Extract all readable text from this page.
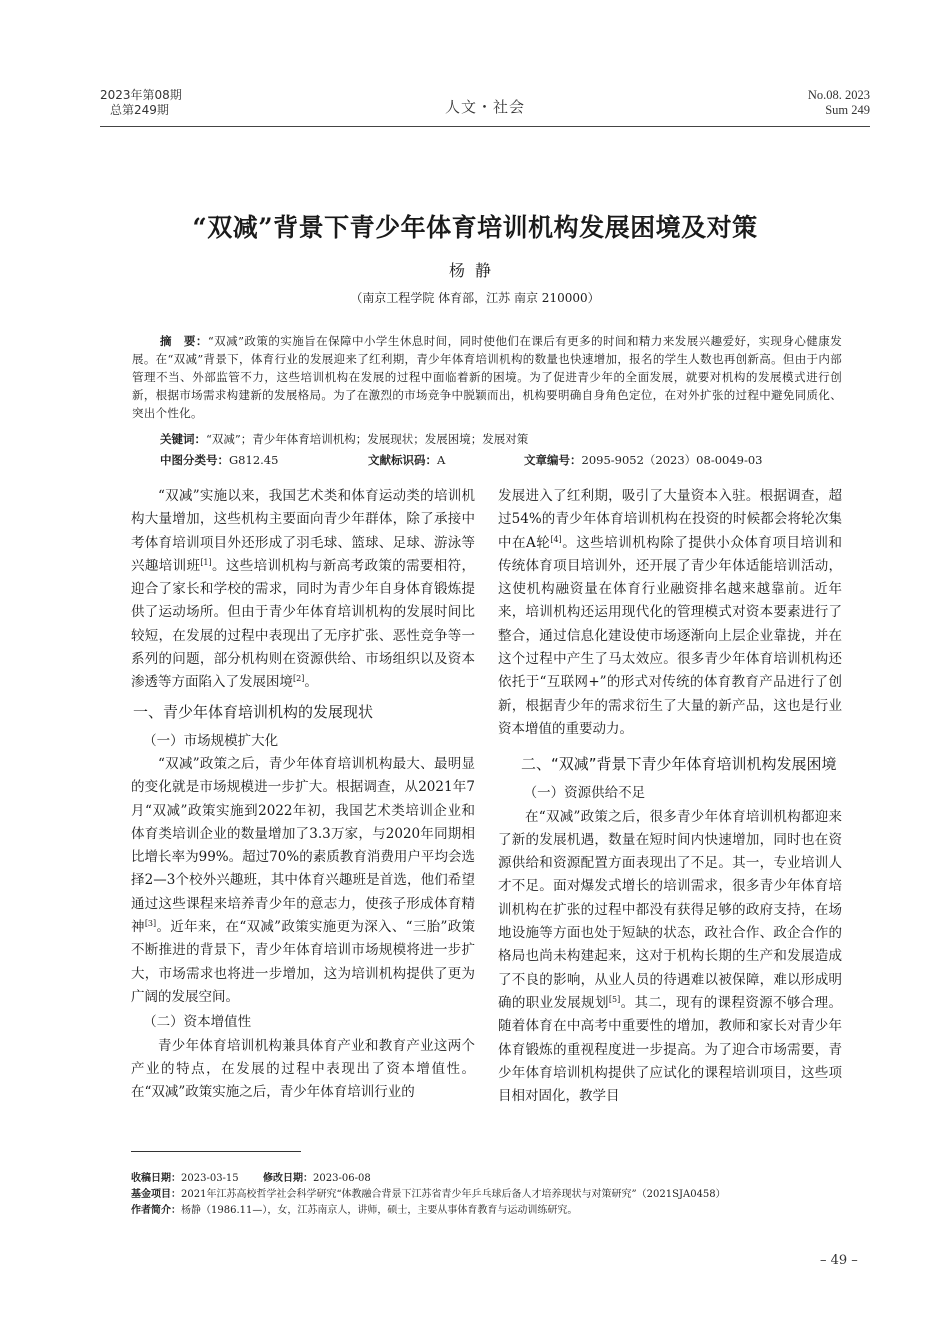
2023年第08期
总第249期	人文・社会
No.08. 2023
Sum 249
“双减”背景下青少年体育培训机构发展困境及对策
杨静
（南京工程学院 体育部，江苏 南京 210000）
摘　要：“双减”政策的实施旨在保障中小学生休息时间，同时使他们在课后有更多的时间和精力来发展兴趣爱好，实现身心健康发展。在“双减”背景下，体育行业的发展迎来了红利期，青少年体育培训机构的数量也快速增加，报名的学生人数也再创新高。但由于内部管理不当、外部监管不力，这些培训机构在发展的过程中面临着新的困境。为了促进青少年的全面发展，就要对机构的发展模式进行创新，根据市场需求构建新的发展格局。为了在激烈的市场竞争中脱颖而出，机构要明确自身角色定位，在对外扩张的过程中避免同质化、突出个性化。
关键词：“双减”；青少年体育培训机构；发展现状；发展困境；发展对策
中图分类号：G812.45	文献标识码：A	文章编号：2095-9052（2023）08-0049-03

“双减”实施以来，我国艺术类和体育运动类的培训机构大量增加，这些机构主要面向青少年群体，除了承接中考体育培训项目外还形成了羽毛球、篮球、足球、游泳等兴趣培训班[1]。这些培训机构与新高考政策的需要相符，迎合了家长和学校的需求，同时为青少年自身体育锻炼提供了运动场所。但由于青少年体育培训机构的发展时间比较短，在发展的过程中表现出了无序扩张、恶性竞争等一系列的问题，部分机构则在资源供给、市场组织以及资本渗透等方面陷入了发展困境[2]。

一、青少年体育培训机构的发展现状
（一）市场规模扩大化

“双减”政策之后，青少年体育培训机构最大、最明显的变化就是市场规模进一步扩大。根据调查，从2021年7月“双减”政策实施到2022年初，我国艺术类培训企业和体育类培训企业的数量增加了3.3万家，与2020年同期相比增长率为99%。超过70%的素质教育消费用户平均会选择2—3个校外兴趣班，其中体育兴趣班是首选，他们希望通过这些课程来培养青少年的意志力，使孩子形成体育精神[3]。近年来，在“双减”政策实施更为深入、“三胎”政策不断推进的背景下，青少年体育培训市场规模将进一步扩大，市场需求也将进一步增加，这为培训机构提供了更为广阔的发展空间。

（二）资本增值性

青少年体育培训机构兼具体育产业和教育产业这两个产业的特点，在发展的过程中表现出了资本增值性。在“双减”政策实施之后，青少年体育培训行业的

发展进入了红利期，吸引了大量资本入驻。根据调查，超过54%的青少年体育培训机构在投资的时候都会将轮次集中在A轮[4]。这些培训机构除了提供小众体育项目培训和传统体育项目培训外，还开展了青少年体适能培训活动，这使机构融资量在体育行业融资排名越来越靠前。近年来，培训机构还运用现代化的管理模式对资本要素进行了整合，通过信息化建设使市场逐渐向上层企业靠拢，并在这个过程中产生了马太效应。很多青少年体育培训机构还依托于“互联网+”的形式对传统的体育教育产品进行了创新，根据青少年的需求衍生了大量的新产品，这也是行业资本增值的重要动力。

二、“双减”背景下青少年体育培训机构发展困境
（一）资源供给不足

在“双减”政策之后，很多青少年体育培训机构都迎来了新的发展机遇，数量在短时间内快速增加，同时也在资源供给和资源配置方面表现出了不足。其一，专业培训人才不足。面对爆发式增长的培训需求，很多青少年体育培训机构在扩张的过程中都没有获得足够的政府支持，在场地设施等方面也处于短缺的状态，政社合作、政企合作的格局也尚未构建起来，这对于机构长期的生产和发展造成了不良的影响，从业人员的待遇难以被保障，难以形成明确的职业发展规划[5]。其二，现有的课程资源不够合理。随着体育在中高考中重要性的增加，教师和家长对青少年体育锻炼的重视程度进一步提高。为了迎合市场需要，青少年体育培训机构提供了应试化的课程培训项目，这些项目相对固化，教学目

收稿日期：2023-03-15 修改日期：2023-06-08
基金项目：2021年江苏高校哲学社会科学研究“体教融合背景下江苏省青少年乒乓球后备人才培养现状与对策研究”（2021SJA0458）
作者简介：杨静（1986.11—），女，江苏南京人，讲师，硕士，主要从事体育教育与运动训练研究。
– 49 –
